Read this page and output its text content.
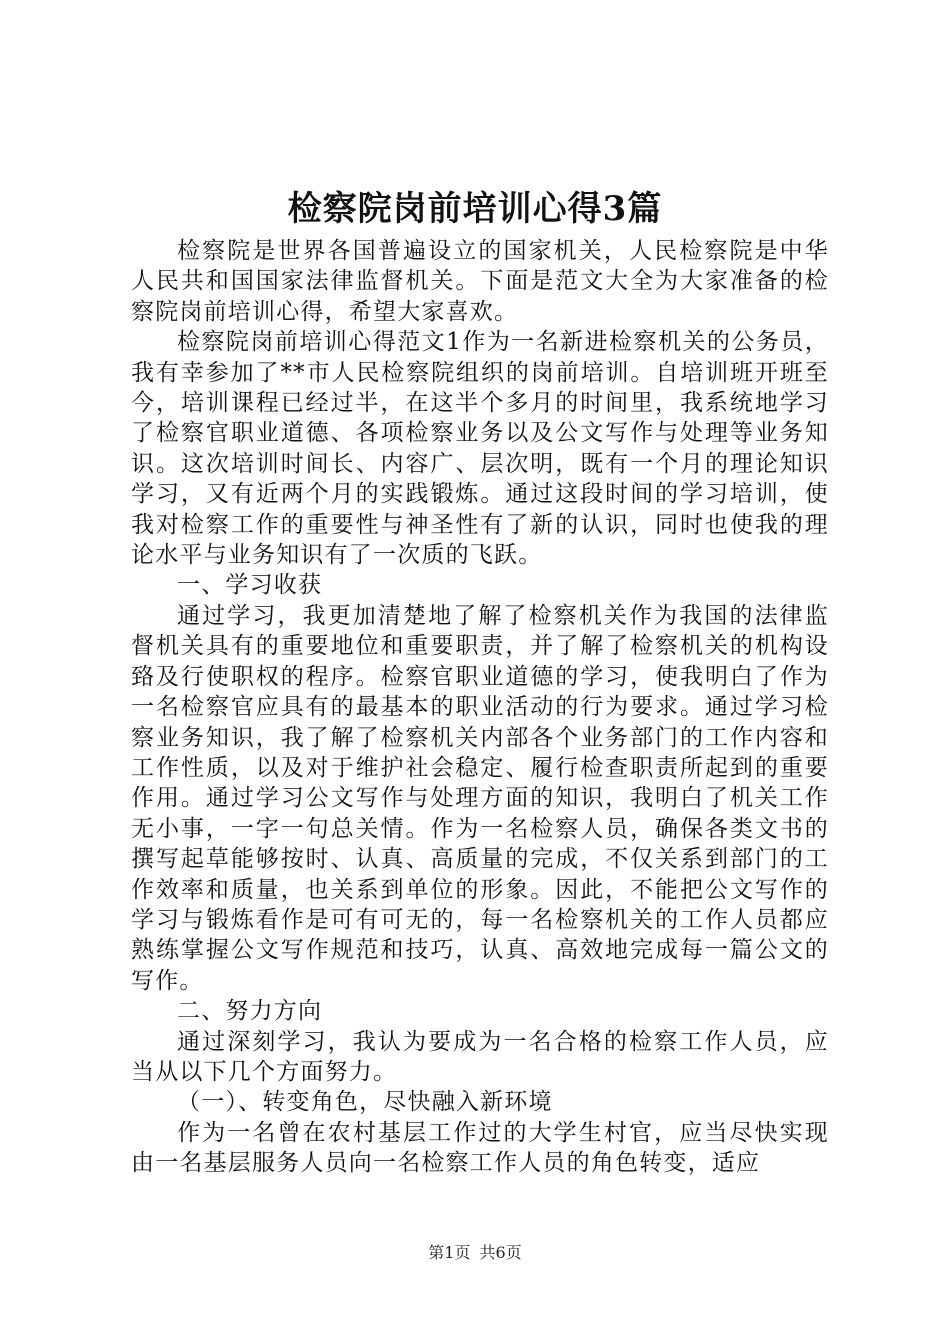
检察院岗前培训心得3篇

检察院是世界各国普遍设立的国家机关，人民检察院是中华人民共和国国家法律监督机关。下面是范文大全为大家准备的检察院岗前培训心得，希望大家喜欢。

检察院岗前培训心得范文1作为一名新进检察机关的公务员，我有幸参加了**市人民检察院组织的岗前培训。自培训班开班至今，培训课程已经过半，在这半个多月的时间里，我系统地学习了检察官职业道德、各项检察业务以及公文写作与处理等业务知识。这次培训时间长、内容广、层次明，既有一个月的理论知识学习，又有近两个月的实践锻炼。通过这段时间的学习培训，使我对检察工作的重要性与神圣性有了新的认识，同时也使我的理论水平与业务知识有了一次质的飞跃。

一、学习收获

通过学习，我更加清楚地了解了检察机关作为我国的法律监督机关具有的重要地位和重要职责，并了解了检察机关的机构设臵及行使职权的程序。检察官职业道德的学习，使我明白了作为一名检察官应具有的最基本的职业活动的行为要求。通过学习检察业务知识，我了解了检察机关内部各个业务部门的工作内容和工作性质，以及对于维护社会稳定、履行检查职责所起到的重要作用。通过学习公文写作与处理方面的知识，我明白了机关工作无小事，一字一句总关情。作为一名检察人员，确保各类文书的撰写起草能够按时、认真、高质量的完成，不仅关系到部门的工作效率和质量，也关系到单位的形象。因此，不能把公文写作的学习与锻炼看作是可有可无的，每一名检察机关的工作人员都应熟练掌握公文写作规范和技巧，认真、高效地完成每一篇公文的写作。

二、努力方向

通过深刻学习，我认为要成为一名合格的检察工作人员，应当从以下几个方面努力。

（一）、转变角色，尽快融入新环境

作为一名曾在农村基层工作过的大学生村官，应当尽快实现由一名基层服务人员向一名检察工作人员的角色转变，适应

第1页 共6页
